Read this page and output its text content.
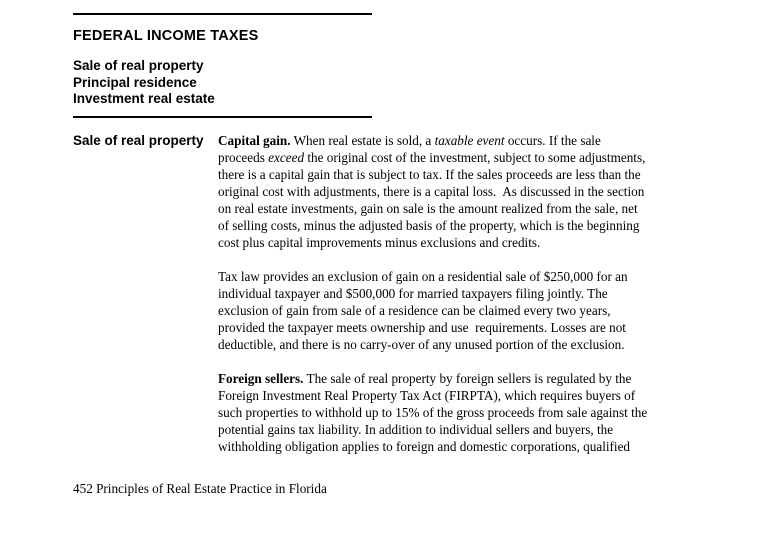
FEDERAL INCOME TAXES
Sale of real property
Principal residence
Investment real estate
Sale of real property	Capital gain. When real estate is sold, a taxable event occurs. If the sale
proceeds exceed the original cost of the investment, subject to some adjustments,
there is a capital gain that is subject to tax. If the sales proceeds are less than the
original cost with adjustments, there is a capital loss.  As discussed in the section
on real estate investments, gain on sale is the amount realized from the sale, net
of selling costs, minus the adjusted basis of the property, which is the beginning
cost plus capital improvements minus exclusions and credits.

Tax law provides an exclusion of gain on a residential sale of $250,000 for an
individual taxpayer and $500,000 for married taxpayers filing jointly. The
exclusion of gain from sale of a residence can be claimed every two years,
provided the taxpayer meets ownership and use  requirements. Losses are not
deductible, and there is no carry-over of any unused portion of the exclusion.

Foreign sellers. The sale of real property by foreign sellers is regulated by the
Foreign Investment Real Property Tax Act (FIRPTA), which requires buyers of
such properties to withhold up to 15% of the gross proceeds from sale against the
potential gains tax liability. In addition to individual sellers and buyers, the
withholding obligation applies to foreign and domestic corporations, qualified

452 Principles of Real Estate Practice in Florida
